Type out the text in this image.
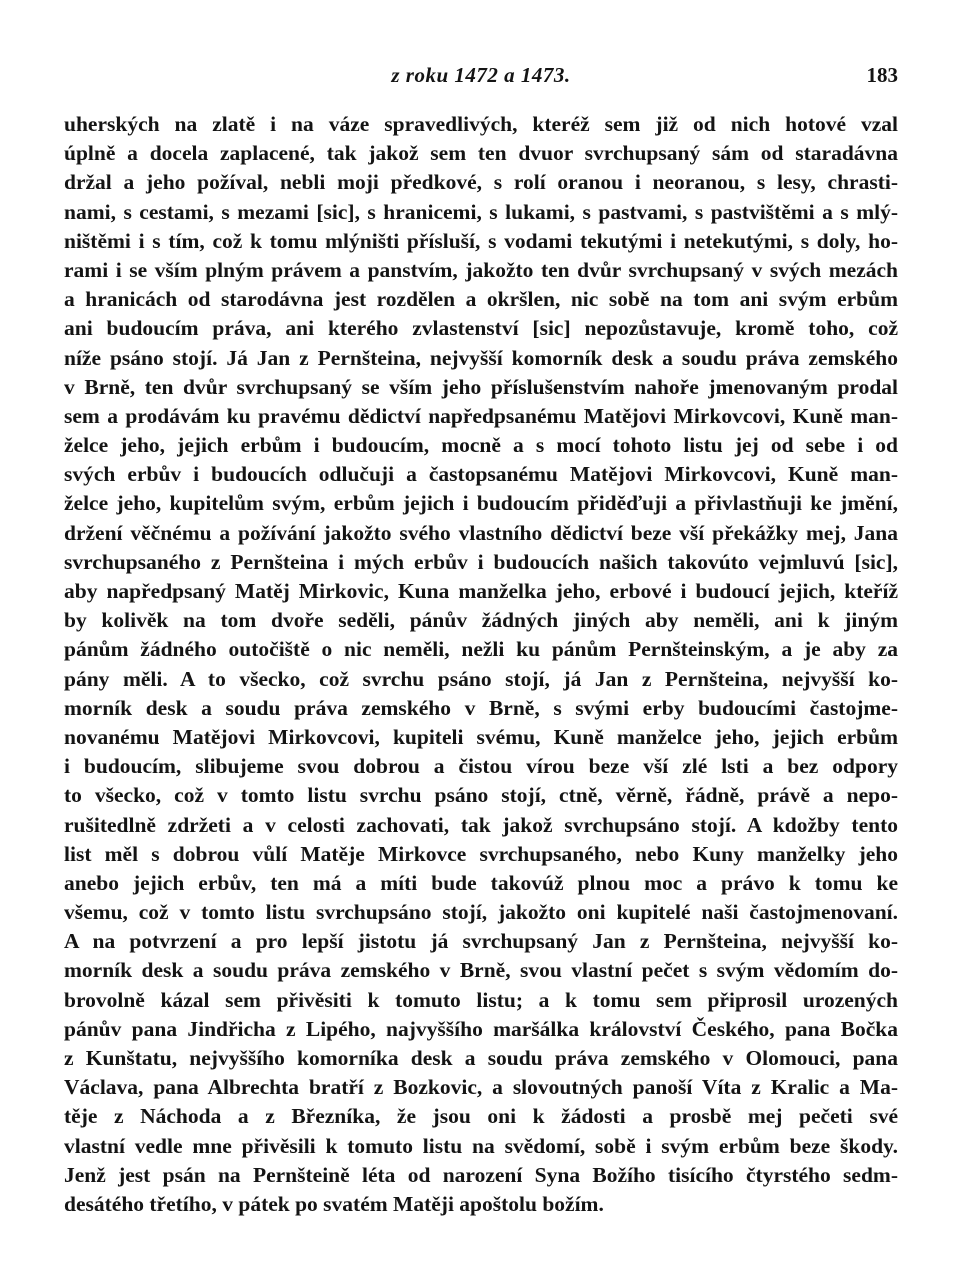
z roku 1472 a 1473.	183
uherských na zlatě i na váze spravedlivých, kteréž sem již od nich hotové vzal
úplně a docela zaplacené, tak jakož sem ten dvuor svrchupsaný sám od staradávna
držal a jeho požíval, nebli moji předkové, s rolí oranou i neoranou, s lesy, chrasti-
nami, s cestami, s mezami [sic], s hranicemi, s lukami, s pastvami, s pastvištěmi a s mlý-
ništěmi i s tím, což k tomu mlýništi přísluší, s vodami tekutými i netekutými, s doly, ho-
rami i se vším plným právem a panstvím, jakožto ten dvůr svrchupsaný v svých mezách
a hranicách od starodávna jest rozdělen a okršlen, nic sobě na tom ani svým erbům
ani budoucím práva, ani kterého zvlastenství [sic] nepozůstavuje, kromě toho, což
níže psáno stojí. Já Jan z Pernšteina, nejvyšší komorník desk a soudu práva zemského
v Brně, ten dvůr svrchupsaný se vším jeho příslušenstvím nahoře jmenovaným prodal
sem a prodávám ku pravému dědictví napředpsanému Matějovi Mirkovcovi, Kuně man-
želce jeho, jejich erbům i budoucím, mocně a s mocí tohoto listu jej od sebe i od
svých erbův i budoucích odlučuji a častopsanému Matějovi Mirkovcovi, Kuně man-
želce jeho, kupitelům svým, erbům jejich i budoucím přiděďuji a přivlastňuji ke jmění,
držení věčnému a požívání jakožto svého vlastního dědictví beze vší překážky mej, Jana
svrchupsaného z Pernšteina i mých erbův i budoucích našich takovúto vejmluvú [sic],
aby napředpsaný Matěj Mirkovic, Kuna manželka jeho, erbové i budoucí jejich, kteříž
by kolivěk na tom dvoře seděli, pánův žádných jiných aby neměli, ani k jiným
pánům žádného outočiště o nic neměli, nežli ku pánům Pernšteinským, a je aby za
pány měli. A to všecko, což svrchu psáno stojí, já Jan z Pernšteina, nejvyšší ko-
morník desk a soudu práva zemského v Brně, s svými erby budoucími častojme-
novanému Matějovi Mirkovcovi, kupiteli svému, Kuně manželce jeho, jejich erbům
i budoucím, slibujeme svou dobrou a čistou vírou beze vší zlé lsti a bez odpory
to všecko, což v tomto listu svrchu psáno stojí, ctně, věrně, řádně, právě a nepo-
rušitedlně zdržeti a v celosti zachovati, tak jakož svrchupsáno stojí. A kdožby tento
list měl s dobrou vůlí Matěje Mirkovce svrchupsaného, nebo Kuny manželky jeho
anebo jejich erbův, ten má a míti bude takovúž plnou moc a právo k tomu ke
všemu, což v tomto listu svrchupsáno stojí, jakožto oni kupitelé naši častojmenovaní.
A na potvrzení a pro lepší jistotu já svrchupsaný Jan z Pernšteina, nejvyšší ko-
morník desk a soudu práva zemského v Brně, svou vlastní pečet s svým vědomím do-
brovolně kázal sem přivěsiti k tomuto listu; a k tomu sem připrosil urozených
pánův pana Jindřicha z Lipého, najvyššího maršálka království Českého, pana Bočka
z Kunštatu, nejvyššího komorníka desk a soudu práva zemského v Olomouci, pana
Václava, pana Albrechta bratří z Bozkovic, a slovoutných panoší Víta z Kralic a Ma-
těje z Náchoda a z Březníka, že jsou oni k žádosti a prosbě mej pečeti své
vlastní vedle mne přivěsili k tomuto listu na svědomí, sobě i svým erbům beze škody.
Jenž jest psán na Pernšteině léta od narození Syna Božího tisícího čtyrstého sedm-
desátého třetího, v pátek po svatém Matěji apoštolu božím.
